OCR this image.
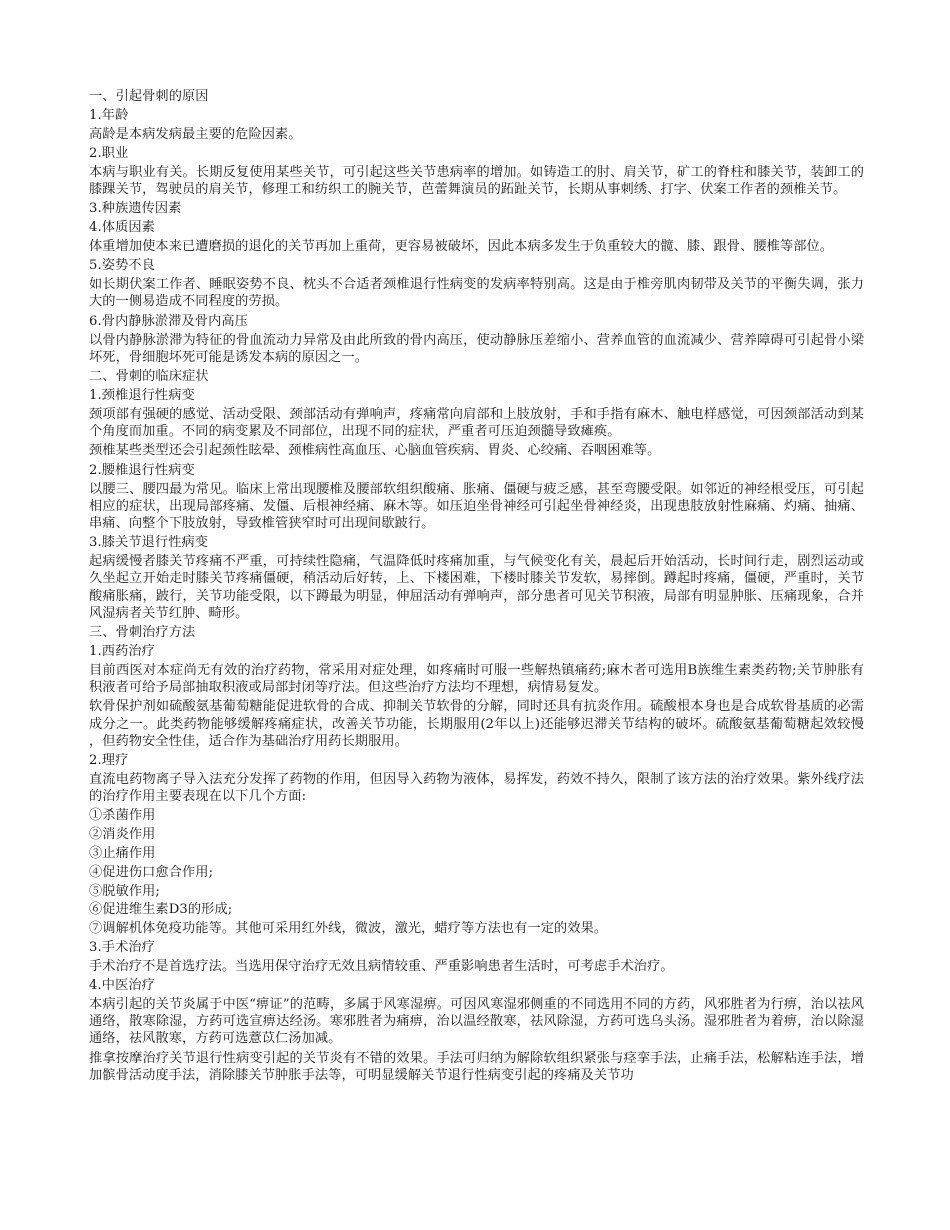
一、引起骨刺的原因
1.年龄
高龄是本病发病最主要的危险因素。
2.职业
本病与职业有关。长期反复使用某些关节，可引起这些关节患病率的增加。如铸造工的肘、肩关节，矿工的脊柱和膝关节，装卸工的膝踝关节，驾驶员的肩关节，修理工和纺织工的腕关节，芭蕾舞演员的跖趾关节，长期从事刺绣、打字、伏案工作者的颈椎关节。
3.种族遗传因素
4.体质因素
体重增加使本来已遭磨损的退化的关节再加上重荷，更容易被破坏，因此本病多发生于负重较大的髋、膝、跟骨、腰椎等部位。
5.姿势不良
如长期伏案工作者、睡眠姿势不良、枕头不合适者颈椎退行性病变的发病率特别高。这是由于椎旁肌肉韧带及关节的平衡失调，张力大的一侧易造成不同程度的劳损。
6.骨内静脉淤滞及骨内高压
以骨内静脉淤滞为特征的骨血流动力异常及由此所致的骨内高压，使动静脉压差缩小、营养血管的血流减少、营养障碍可引起骨小梁坏死，骨细胞坏死可能是诱发本病的原因之一。
二、骨刺的临床症状
1.颈椎退行性病变
颈项部有强硬的感觉、活动受限、颈部活动有弹响声，疼痛常向肩部和上肢放射，手和手指有麻木、触电样感觉，可因颈部活动到某个角度而加重。不同的病变累及不同部位，出现不同的症状，严重者可压迫颈髓导致瘫痪。
颈椎某些类型还会引起颈性眩晕、颈椎病性高血压、心脑血管疾病、胃炎、心绞痛、吞咽困难等。
2.腰椎退行性病变
以腰三、腰四最为常见。临床上常出现腰椎及腰部软组织酸痛、胀痛、僵硬与疲乏感，甚至弯腰受限。如邻近的神经根受压，可引起相应的症状，出现局部疼痛、发僵、后根神经痛、麻木等。如压迫坐骨神经可引起坐骨神经炎，出现患肢放射性麻痛、灼痛、抽痛、串痛、向整个下肢放射，导致椎管狭窄时可出现间歇跛行。
3.膝关节退行性病变
起病缓慢者膝关节疼痛不严重，可持续性隐痛，气温降低时疼痛加重，与气候变化有关，晨起后开始活动，长时间行走，剧烈运动或久坐起立开始走时膝关节疼痛僵硬，稍活动后好转，上、下楼困难，下楼时膝关节发软，易摔倒。蹲起时疼痛，僵硬，严重时，关节酸痛胀痛，跛行，关节功能受限，以下蹲最为明显，伸屈活动有弹响声，部分患者可见关节积液，局部有明显肿胀、压痛现象，合并风湿病者关节红肿、畸形。
三、骨刺治疗方法
1.西药治疗
目前西医对本症尚无有效的治疗药物，常采用对症处理，如疼痛时可服一些解热镇痛药;麻木者可选用B族维生素类药物;关节肿胀有积液者可给予局部抽取积液或局部封闭等疗法。但这些治疗方法均不理想，病情易复发。
软骨保护剂如硫酸氨基葡萄糖能促进软骨的合成、抑制关节软骨的分解，同时还具有抗炎作用。硫酸根本身也是合成软骨基质的必需成分之一。此类药物能够缓解疼痛症状，改善关节功能，长期服用(2年以上)还能够迟滞关节结构的破坏。硫酸氨基葡萄糖起效较慢，但药物安全性佳，适合作为基础治疗用药长期服用。
2.理疗
直流电药物离子导入法充分发挥了药物的作用，但因导入药物为液体，易挥发，药效不持久，限制了该方法的治疗效果。紫外线疗法的治疗作用主要表现在以下几个方面:
①杀菌作用
②消炎作用
③止痛作用
④促进伤口愈合作用;
⑤脱敏作用;
⑥促进维生素D3的形成;
⑦调解机体免疫功能等。其他可采用红外线，微波，激光，蜡疗等方法也有一定的效果。
3.手术治疗
手术治疗不是首选疗法。当选用保守治疗无效且病情较重、严重影响患者生活时，可考虑手术治疗。
4.中医治疗
本病引起的关节炎属于中医“痹证”的范畴，多属于风寒湿痹。可因风寒湿邪侧重的不同选用不同的方药，风邪胜者为行痹，治以祛风通络，散寒除湿，方药可选宣痹达经汤。寒邪胜者为痛痹，治以温经散寒，祛风除湿，方药可选乌头汤。湿邪胜者为着痹，治以除湿通络，祛风散寒，方药可选薏苡仁汤加减。
推拿按摩治疗关节退行性病变引起的关节炎有不错的效果。手法可归纳为解除软组织紧张与痉挛手法，止痛手法，松解粘连手法，增加髌骨活动度手法，消除膝关节肿胀手法等，可明显缓解关节退行性病变引起的疼痛及关节功
